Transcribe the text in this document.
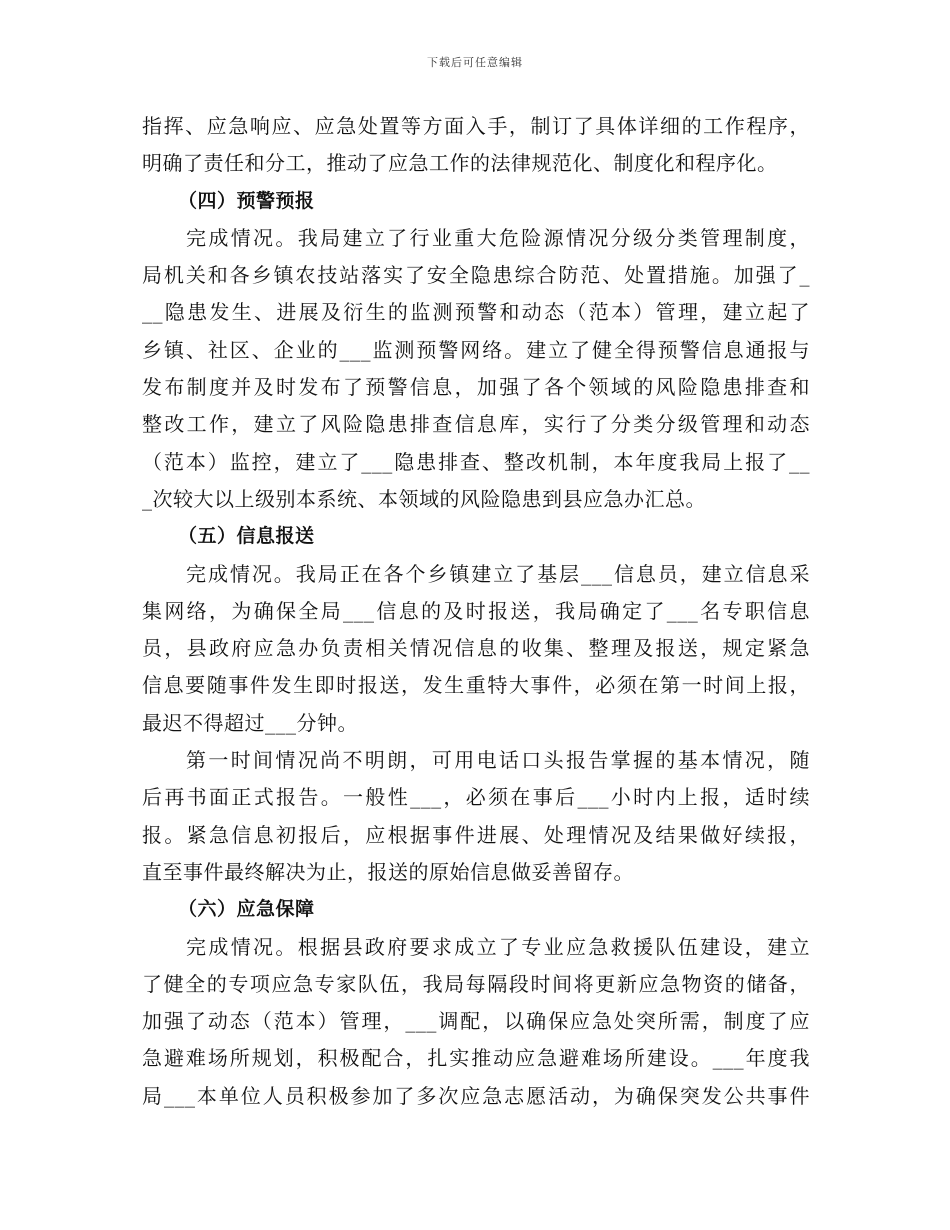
下载后可任意编辑
指挥、应急响应、应急处置等方面入手，制订了具体详细的工作程序，
明确了责任和分工，推动了应急工作的法律规范化、制度化和程序化。
（四）预警预报
完成情况。我局建立了行业重大危险源情况分级分类管理制度，
局机关和各乡镇农技站落实了安全隐患综合防范、处置措施。加强了_
__隐患发生、进展及衍生的监测预警和动态（范本）管理，建立起了
乡镇、社区、企业的___监测预警网络。建立了健全得预警信息通报与
发布制度并及时发布了预警信息，加强了各个领域的风险隐患排查和
整改工作，建立了风险隐患排查信息库，实行了分类分级管理和动态
（范本）监控，建立了___隐患排查、整改机制，本年度我局上报了__
_次较大以上级别本系统、本领域的风险隐患到县应急办汇总。
（五）信息报送
完成情况。我局正在各个乡镇建立了基层___信息员，建立信息采
集网络，为确保全局___信息的及时报送，我局确定了___名专职信息
员，县政府应急办负责相关情况信息的收集、整理及报送，规定紧急
信息要随事件发生即时报送，发生重特大事件，必须在第一时间上报，
最迟不得超过___分钟。
第一时间情况尚不明朗，可用电话口头报告掌握的基本情况，随
后再书面正式报告。一般性___，必须在事后___小时内上报，适时续
报。紧急信息初报后，应根据事件进展、处理情况及结果做好续报，
直至事件最终解决为止，报送的原始信息做妥善留存。
（六）应急保障
完成情况。根据县政府要求成立了专业应急救援队伍建设，建立
了健全的专项应急专家队伍，我局每隔段时间将更新应急物资的储备，
加强了动态（范本）管理，___调配，以确保应急处突所需，制度了应
急避难场所规划，积极配合，扎实推动应急避难场所建设。___年度我
局___本单位人员积极参加了多次应急志愿活动，为确保突发公共事件
